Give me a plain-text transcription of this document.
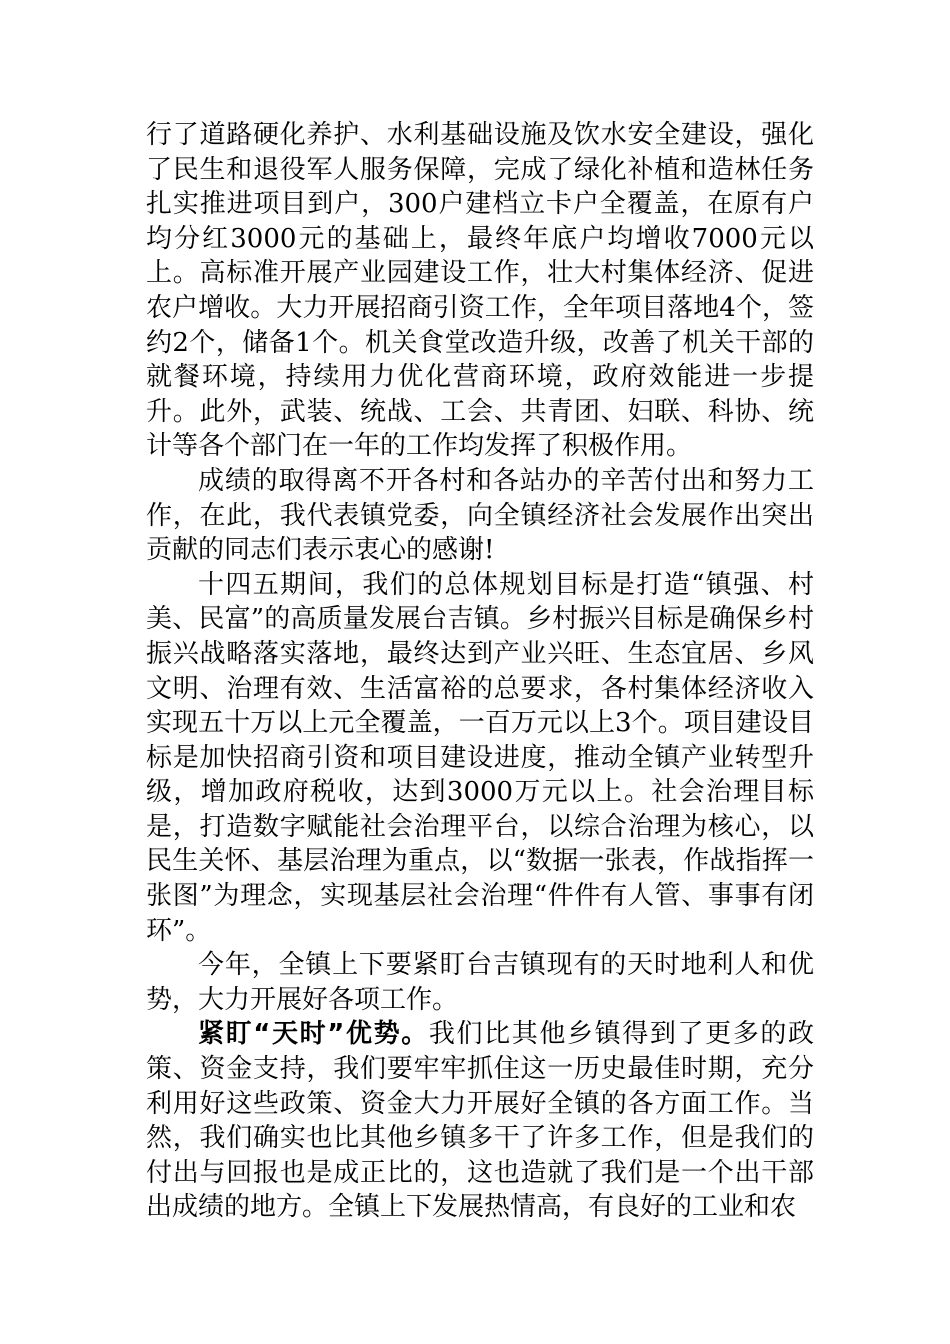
行了道路硬化养护、水利基础设施及饮水安全建设，强化了民生和退役军人服务保障，完成了绿化补植和造林任务扎实推进项目到户，300户建档立卡户全覆盖，在原有户均分红3000元的基础上，最终年底户均增收7000元以上。高标准开展产业园建设工作，壮大村集体经济、促进农户增收。大力开展招商引资工作，全年项目落地4个，签约2个，储备1个。机关食堂改造升级，改善了机关干部的就餐环境，持续用力优化营商环境，政府效能进一步提升。此外，武装、统战、工会、共青团、妇联、科协、统计等各个部门在一年的工作均发挥了积极作用。

成绩的取得离不开各村和各站办的辛苦付出和努力工作，在此，我代表镇党委，向全镇经济社会发展作出突出贡献的同志们表示衷心的感谢!

十四五期间，我们的总体规划目标是打造“镇强、村美、民富”的高质量发展台吉镇。乡村振兴目标是确保乡村振兴战略落实落地，最终达到产业兴旺、生态宜居、乡风文明、治理有效、生活富裕的总要求，各村集体经济收入实现五十万以上元全覆盖，一百万元以上3个。项目建设目标是加快招商引资和项目建设进度，推动全镇产业转型升级，增加政府税收，达到3000万元以上。社会治理目标是，打造数字赋能社会治理平台，以综合治理为核心，以民生关怀、基层治理为重点，以“数据一张表，作战指挥一张图”为理念，实现基层社会治理“件件有人管、事事有闭环”。

今年，全镇上下要紧盯台吉镇现有的天时地利人和优势，大力开展好各项工作。

紧盯“天时”优势。我们比其他乡镇得到了更多的政策、资金支持，我们要牢牢抓住这一历史最佳时期，充分利用好这些政策、资金大力开展好全镇的各方面工作。当然，我们确实也比其他乡镇多干了许多工作，但是我们的付出与回报也是成正比的，这也造就了我们是一个出干部出成绩的地方。全镇上下发展热情高，有良好的工业和农
